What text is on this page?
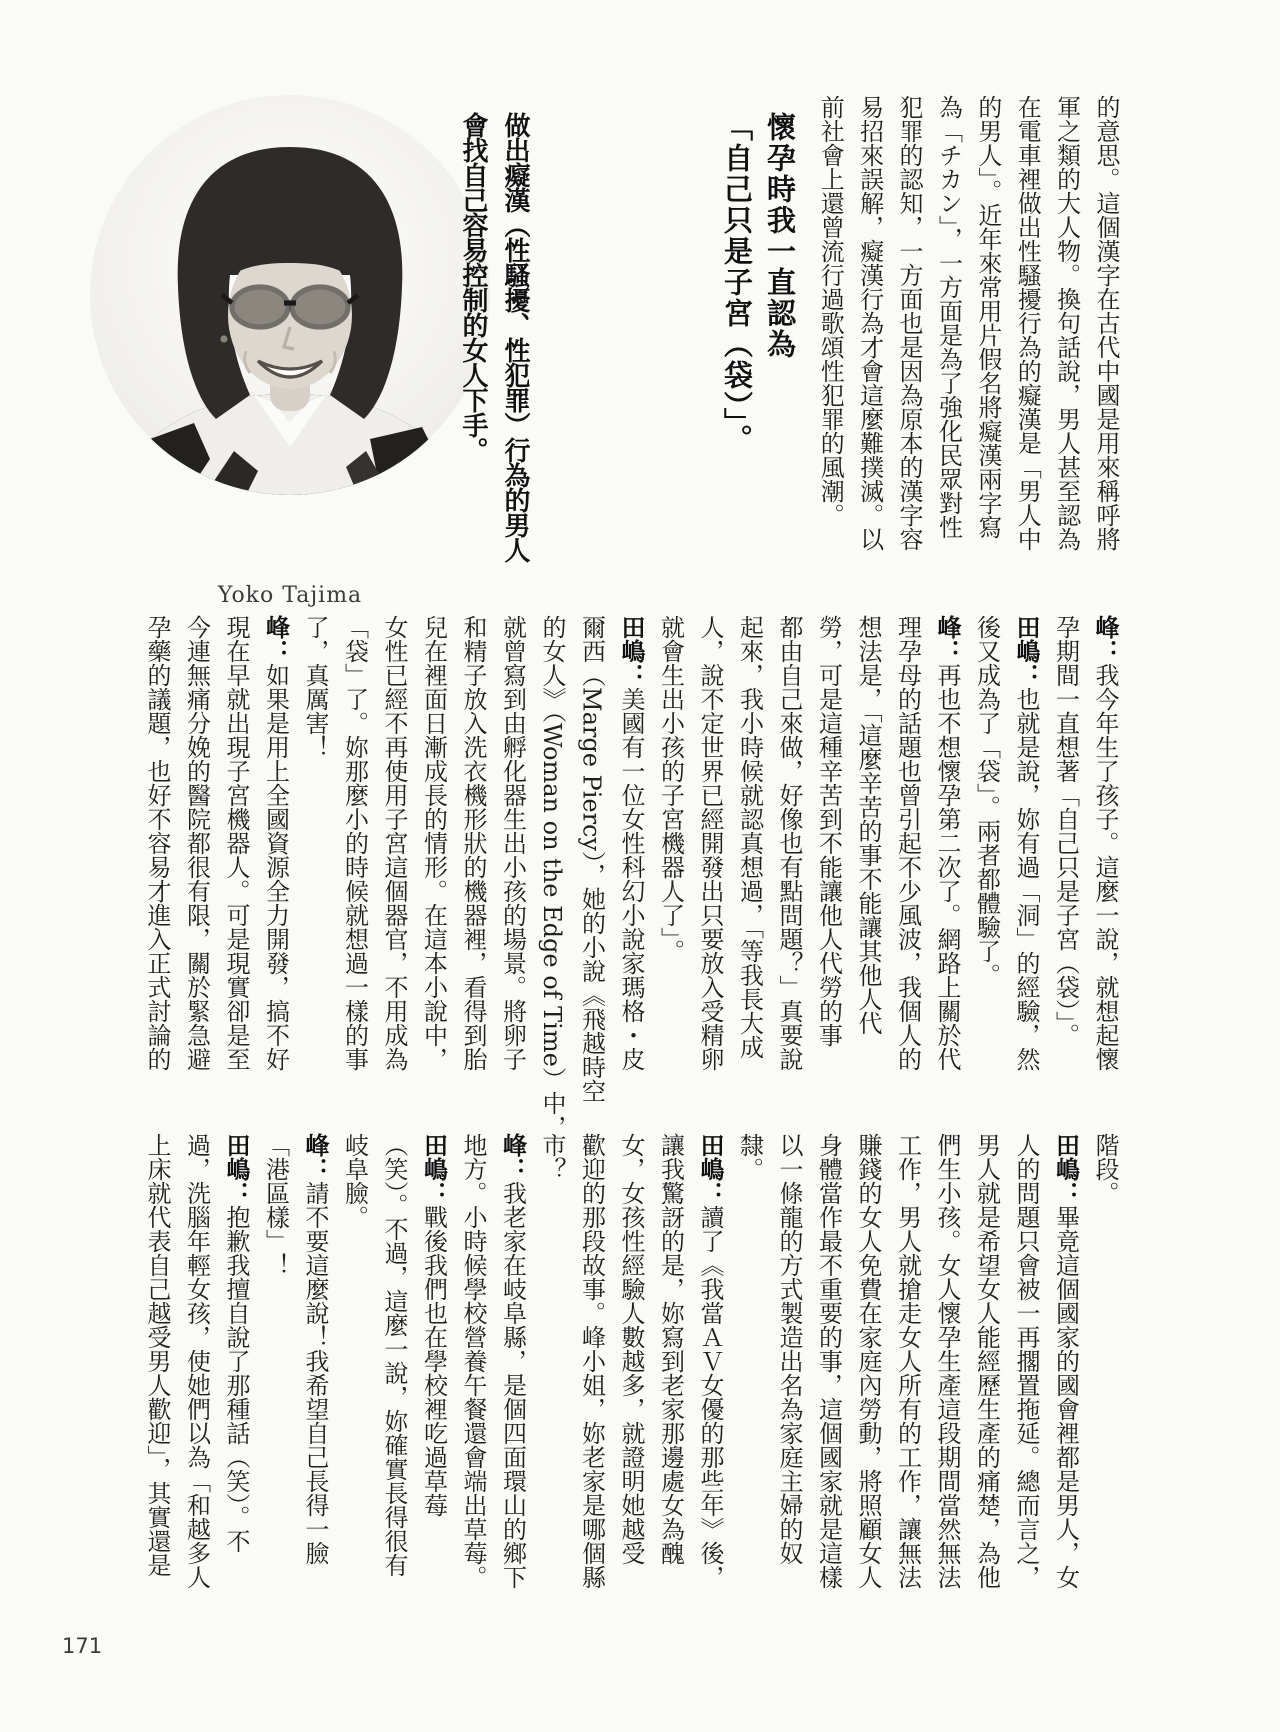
Yoko Tajima
做出癡漢（性騷擾、性犯罪）行為的男人
會找自己容易控制的女人下手。	懷孕時我一直認為
「自己只是子宮（袋）」。	的意思。這個漢字在古代中國是用來稱呼將
軍之類的大人物。換句話說，男人甚至認為
在電車裡做出性騷擾行為的癡漢是「男人中
的男人」。近年來常用片假名將癡漢兩字寫
為「チカン」，一方面是為了強化民眾對性
犯罪的認知，一方面也是因為原本的漢字容
易招來誤解，癡漢行為才會這麼難撲滅。以
前社會上還曾流行過歌頌性犯罪的風潮。
峰：我今年生了孩子。這麼一說，就想起懷
孕期間一直想著「自己只是子宮（袋）」。
田嶋：也就是說，妳有過「洞」的經驗，然
後又成為了「袋」。兩者都體驗了。
峰：再也不想懷孕第二次了。網路上關於代
理孕母的話題也曾引起不少風波，我個人的
想法是，「這麼辛苦的事不能讓其他人代
勞，可是這種辛苦到不能讓他人代勞的事
都由自己來做，好像也有點問題？」真要說
起來，我小時候就認真想過，「等我長大成
人，說不定世界已經開發出只要放入受精卵
就會生出小孩的子宮機器人了」。
田嶋：美國有一位女性科幻小說家瑪格・皮
爾西（Marge Piercy），她的小說《飛越時空
的女人》（Woman on the Edge of Time）中，
就曾寫到由孵化器生出小孩的場景。將卵子
和精子放入洗衣機形狀的機器裡，看得到胎
兒在裡面日漸成長的情形。在這本小說中，
女性已經不再使用子宮這個器官，不用成為
「袋」了。妳那麼小的時候就想過一樣的事
了，真厲害！
峰：如果是用上全國資源全力開發，搞不好
現在早就出現子宮機器人。可是現實卻是至
今連無痛分娩的醫院都很有限，關於緊急避
孕藥的議題，也好不容易才進入正式討論的
階段。
田嶋：畢竟這個國家的國會裡都是男人，女
人的問題只會被一再擱置拖延。總而言之，
男人就是希望女人能經歷生產的痛楚，為他
們生小孩。女人懷孕生產這段期間當然無法
工作，男人就搶走女人所有的工作，讓無法
賺錢的女人免費在家庭內勞動，將照顧女人
身體當作最不重要的事，這個國家就是這樣
以一條龍的方式製造出名為家庭主婦的奴
隸。
田嶋：讀了《我當ＡＶ女優的那些年》後，
讓我驚訝的是，妳寫到老家那邊處女為醜
女，女孩性經驗人數越多，就證明她越受
歡迎的那段故事。峰小姐，妳老家是哪個縣
市？
峰：我老家在岐阜縣，是個四面環山的鄉下
地方。小時候學校營養午餐還會端出草莓。
田嶋：戰後我們也在學校裡吃過草莓
（笑）。不過，這麼一說，妳確實長得很有
岐阜臉。
峰：請不要這麼說！我希望自己長得一臉
「港區樣」！
田嶋：抱歉我擅自說了那種話（笑）。不
過，洗腦年輕女孩，使她們以為「和越多人
上床就代表自己越受男人歡迎」，其實還是
171
